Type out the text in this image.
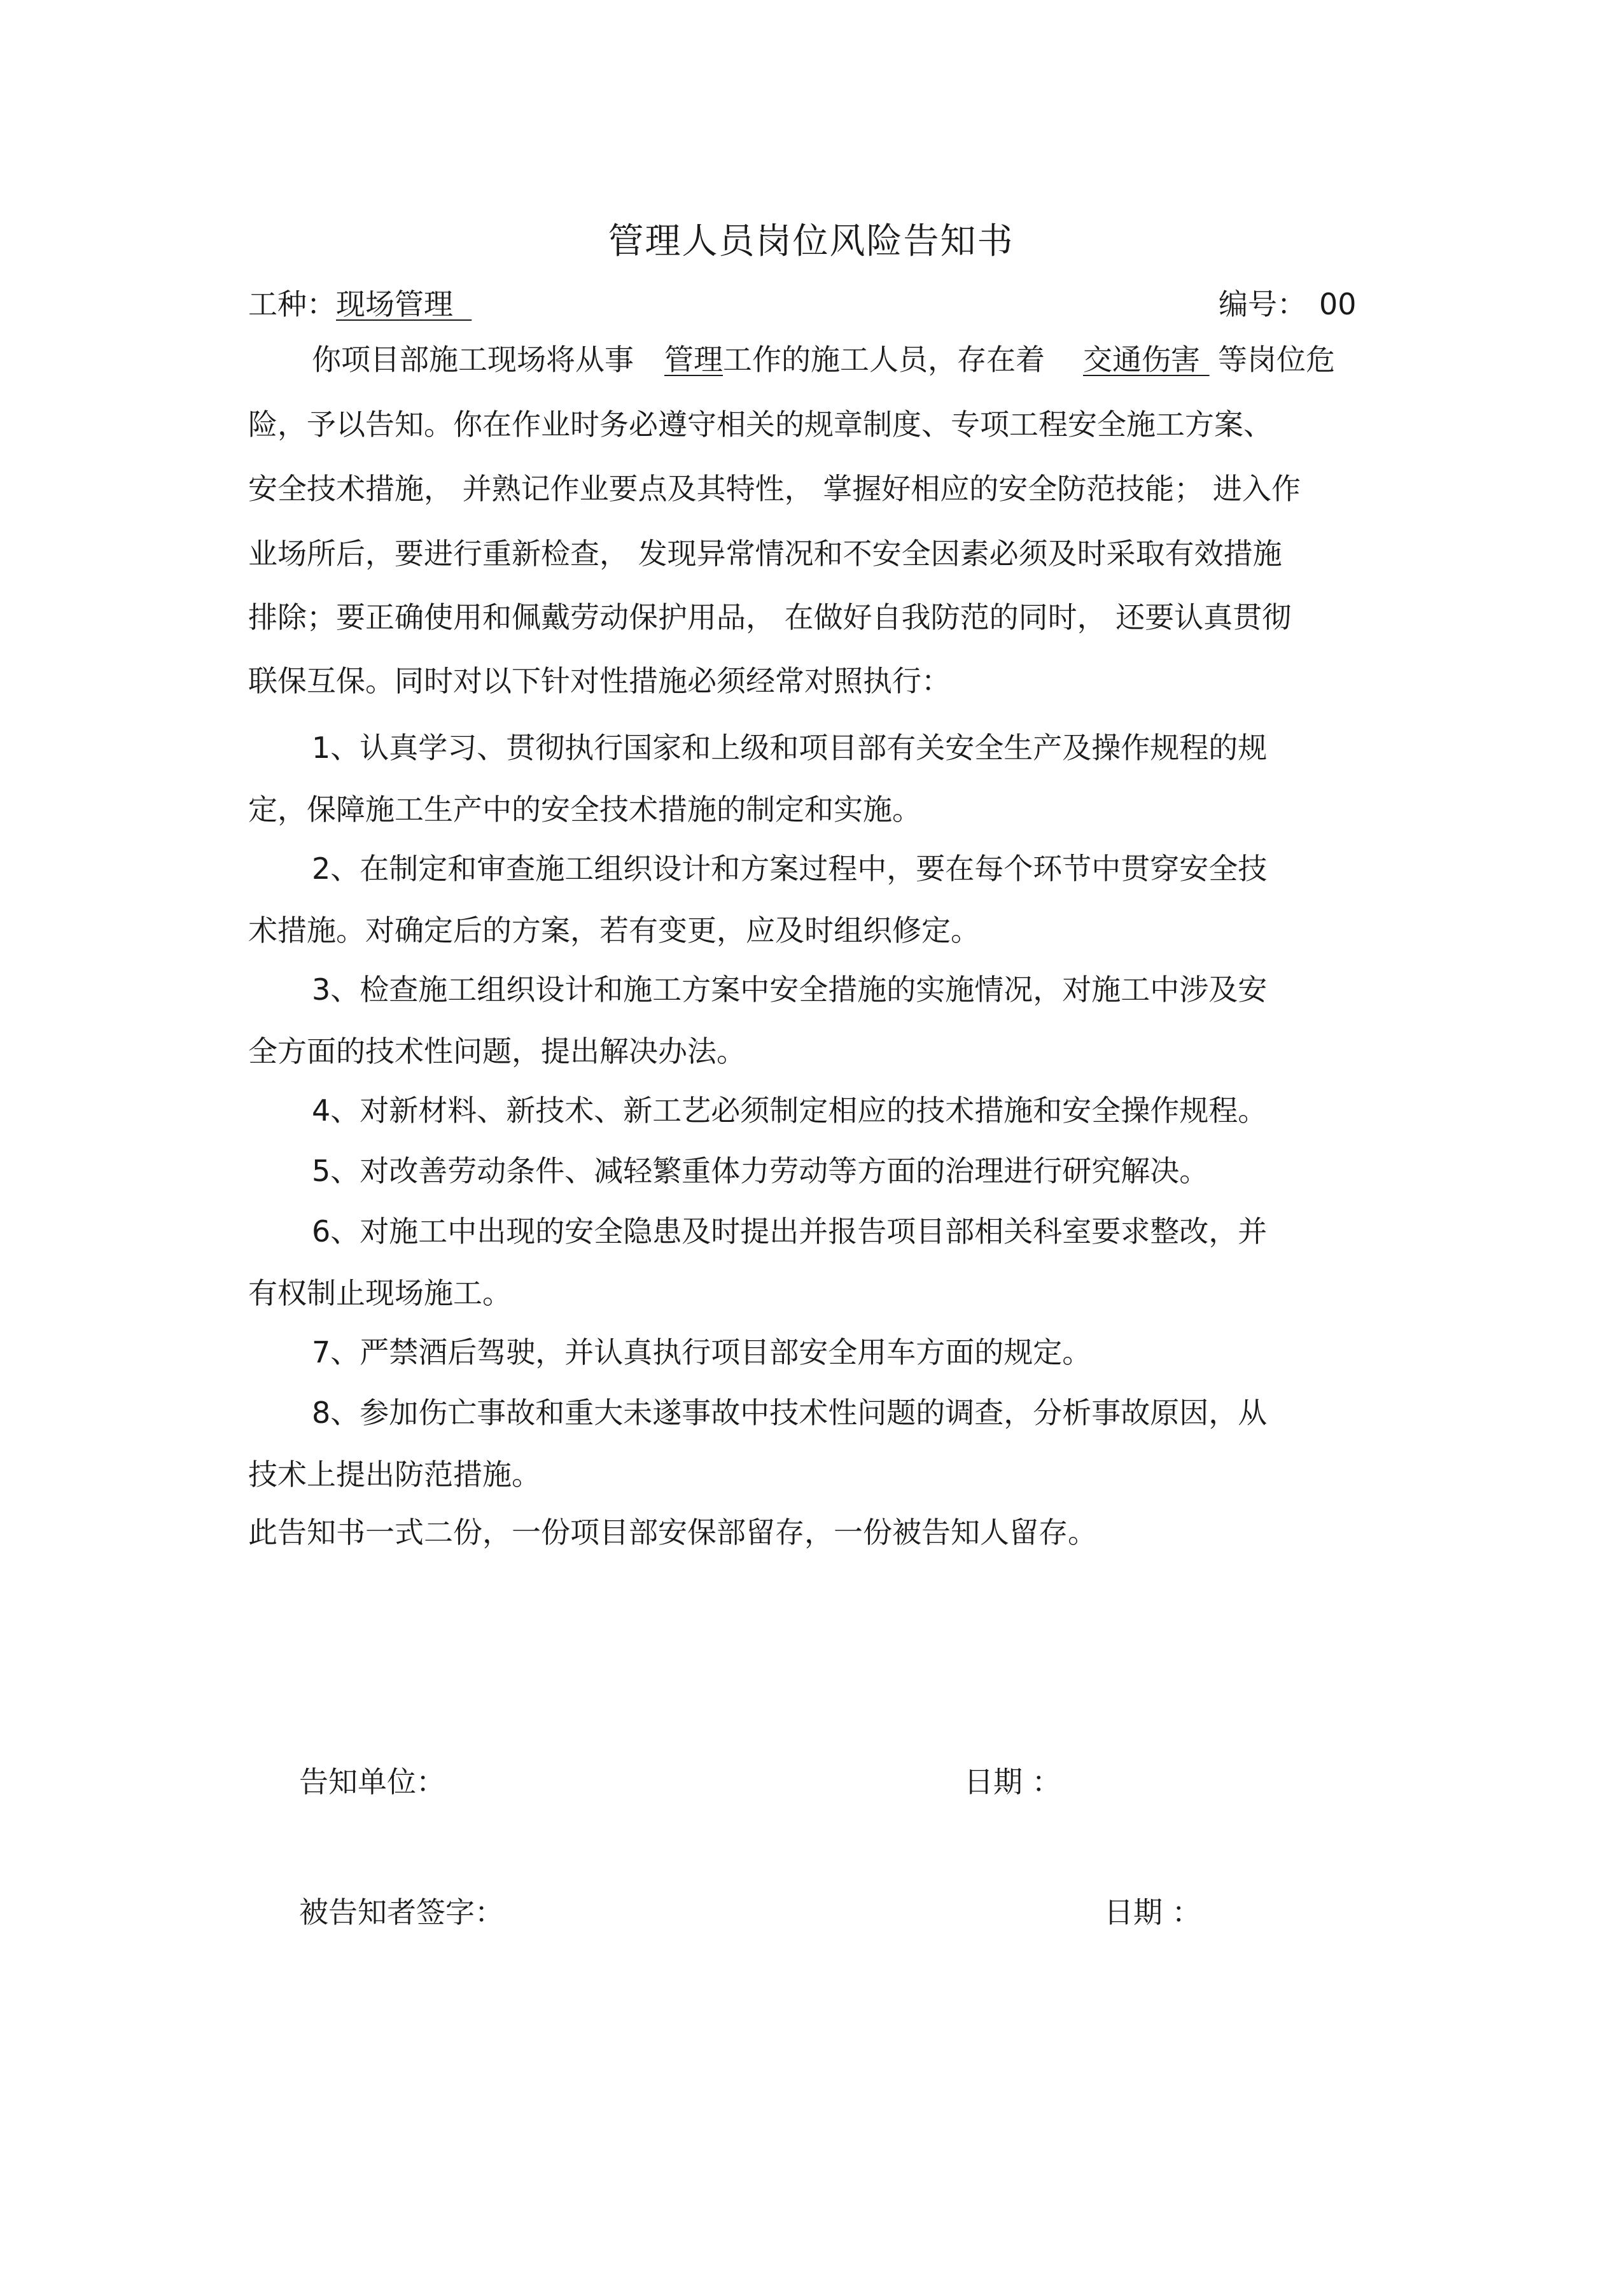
管理人员岗位风险告知书
工种：现场管理	编号： 00
你项目部施工现场将从事 管理工作的施工人员，存在着 交通伤害 等岗位危
险，予以告知。你在作业时务必遵守相关的规章制度、专项工程安全施工方案、
安全技术措施， 并熟记作业要点及其特性， 掌握好相应的安全防范技能； 进入作
业场所后，要进行重新检查， 发现异常情况和不安全因素必须及时采取有效措施
排除；要正确使用和佩戴劳动保护用品， 在做好自我防范的同时， 还要认真贯彻
联保互保。同时对以下针对性措施必须经常对照执行：
1、认真学习、贯彻执行国家和上级和项目部有关安全生产及操作规程的规
定，保障施工生产中的安全技术措施的制定和实施。
2、在制定和审查施工组织设计和方案过程中，要在每个环节中贯穿安全技
术措施。对确定后的方案，若有变更，应及时组织修定。
3、检查施工组织设计和施工方案中安全措施的实施情况，对施工中涉及安
全方面的技术性问题，提出解决办法。
4、对新材料、新技术、新工艺必须制定相应的技术措施和安全操作规程。
5、对改善劳动条件、减轻繁重体力劳动等方面的治理进行研究解决。
6、对施工中出现的安全隐患及时提出并报告项目部相关科室要求整改，并
有权制止现场施工。
7、严禁酒后驾驶，并认真执行项目部安全用车方面的规定。
8、参加伤亡事故和重大未遂事故中技术性问题的调查，分析事故原因，从
技术上提出防范措施。
此告知书一式二份，一份项目部安保部留存，一份被告知人留存。
告知单位：	日期 ：
被告知者签字：	日期 ：
